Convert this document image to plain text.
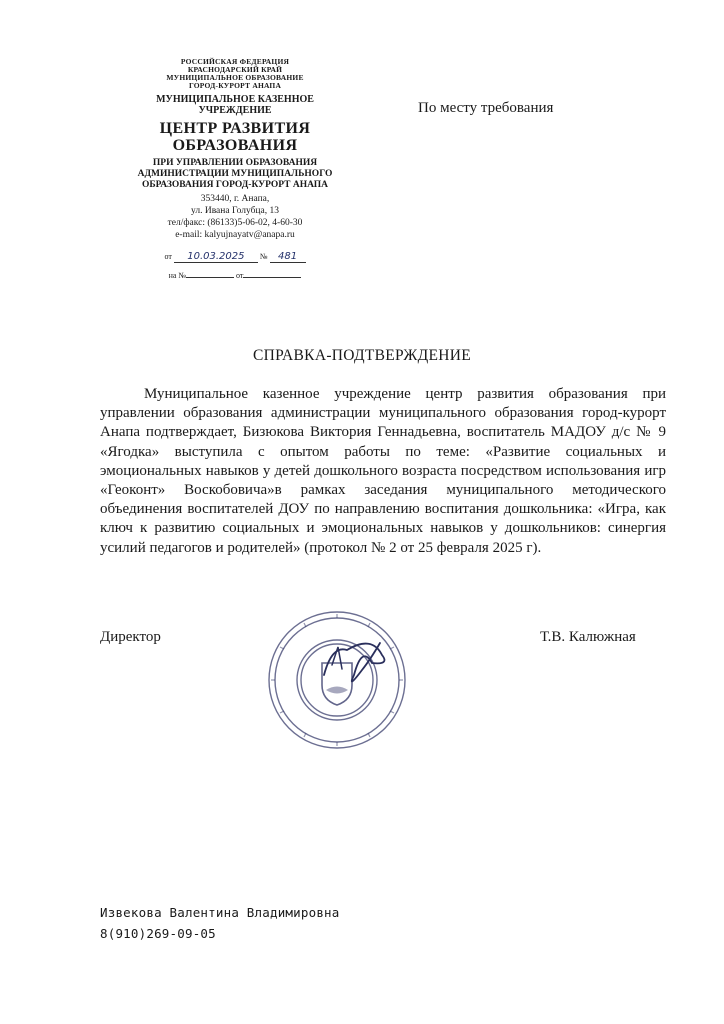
РОССИЙСКАЯ ФЕДЕРАЦИЯ
КРАСНОДАРСКИЙ КРАЙ
МУНИЦИПАЛЬНОЕ ОБРАЗОВАНИЕ
ГОРОД-КУРОРТ АНАПА
МУНИЦИПАЛЬНОЕ КАЗЕННОЕ
УЧРЕЖДЕНИЕ
ЦЕНТР РАЗВИТИЯ
ОБРАЗОВАНИЯ
ПРИ УПРАВЛЕНИИ ОБРАЗОВАНИЯ
АДМИНИСТРАЦИИ МУНИЦИПАЛЬНОГО
ОБРАЗОВАНИЯ ГОРОД-КУРОРТ АНАПА
353440, г. Анапа,
ул. Ивана Голубца, 13
тел/факс: (86133)5-06-02, 4-60-30
e-mail: kalyujnayatv@anapa.ru
от 10.03.2025 № 481
на №	от
По месту требования
СПРАВКА-ПОДТВЕРЖДЕНИЕ
Муниципальное казенное учреждение центр развития образования при управлении образования администрации муниципального образования город-курорт Анапа подтверждает, Бизюкова Виктория Геннадьевна, воспитатель МАДОУ д/с № 9 «Ягодка» выступила с опытом работы по теме: «Развитие социальных и эмоциональных навыков у детей дошкольного возраста посредством использования игр «Геоконт» Воскобовича»в рамках заседания муниципального методического объединения воспитателей ДОУ по направлению воспитания дошкольника: «Игра, как ключ к развитию социальных и эмоциональных навыков у дошкольников: синергия усилий педагогов и родителей» (протокол № 2 от 25 февраля 2025 г).
Директор	Т.В. Калюжная
Извекова Валентина Владимировна
8(910)269-09-05
